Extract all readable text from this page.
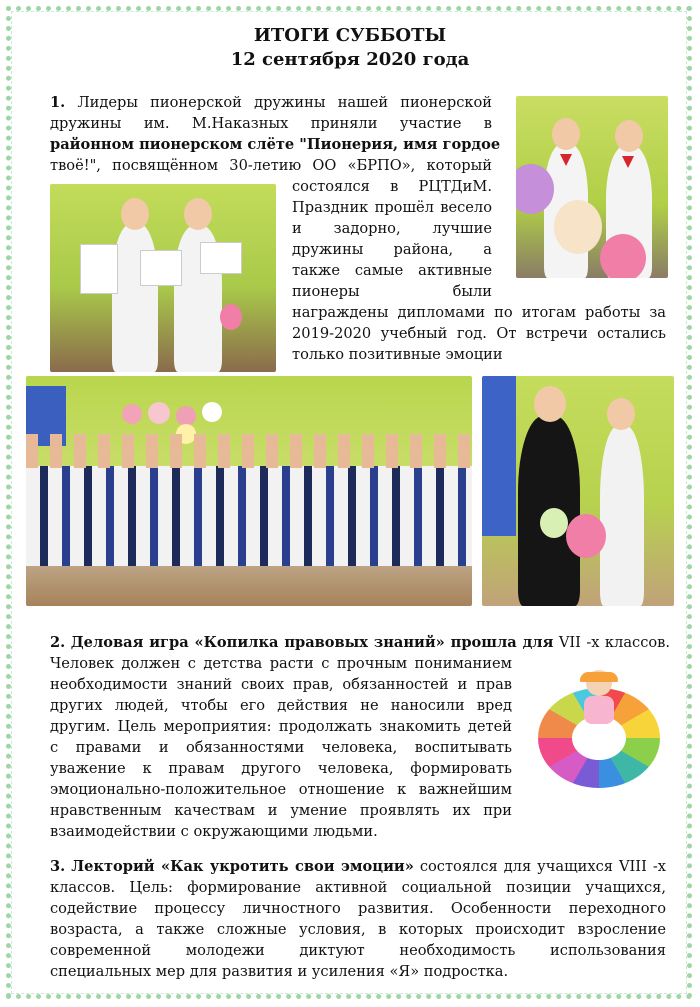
ИТОГИ СУББОТЫ
12 сентября 2020 года
1. Лидеры пионерской дружины нашей пионерской
дружины им. М.Наказных приняли участие в
районном пионерском слёте "Пионерия, имя гордое
твоё!", посвящённом 30-летию ОО «БРПО», который
состоялся в РЦТДиМ.
Праздник прошёл весело
и задорно, лучшие
дружины района, а
также самые активные
пионеры были
награждены дипломами по итогам работы за
2019-2020 учебный год. От встречи остались
только позитивные эмоции
2. Деловая игра «Копилка правовых знаний» прошла для VII -х классов.
Человек должен с детства расти с прочным пониманием
необходимости знаний своих прав, обязанностей и прав
других людей, чтобы его действия не наносили вред
другим. Цель мероприятия: продолжать знакомить детей
с правами и обязанностями человека, воспитывать
уважение к правам другого человека, формировать
эмоционально-положительное отношение к важнейшим
нравственным качествам и умение проявлять их при
взаимодействии с окружающими людьми.
3. Лекторий «Как укротить свои эмоции» состоялся для учащихся VIII -х
классов. Цель: формирование активной социальной позиции учащихся,
содействие процессу личностного развития. Особенности переходного
возраста, а также сложные условия, в которых происходит взросление
современной молодежи диктуют необходимость использования
специальных мер для развития и усиления «Я» подростка.
